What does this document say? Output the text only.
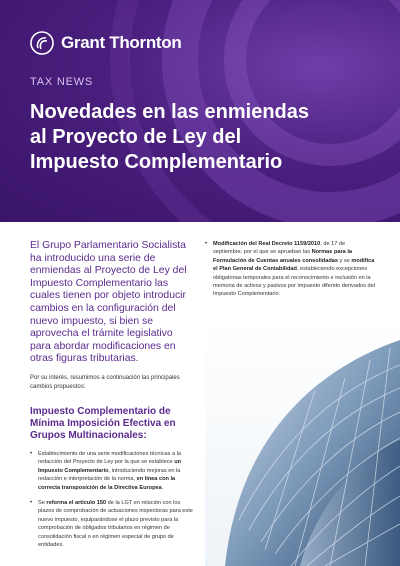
Grant Thornton
TAX NEWS
Novedades en las enmiendas
al Proyecto de Ley del
Impuesto Complementario

El Grupo Parlamentario Socialista ha introducido una serie de enmiendas al Proyecto de Ley del Impuesto Complementario las cuales tienen por objeto introducir cambios en la configuración del nuevo impuesto, si bien se aprovecha el trámite legislativo para abordar modificaciones en otras figuras tributarias.

Por su interés, resumimos a continuación las principales cambios propuestos:

Impuesto Complementario de Mínima Imposición Efectiva en Grupos Multinacionales:
• Establecimiento de una serie modificaciones técnicas a la redacción del Proyecto de Ley por la que se establece un Impuesto Complementario, introduciendo mejoras en la redacción e interpretación de la norma, en línea con la correcta transposición de la Directiva Europea.
• Se reforma el artículo 150 de la LGT en relación con los plazos de comprobación de actuaciones inspectoras para este nuevo impuesto, equiparándose el plazo previsto para la comprobación de obligados tributarios en régimen de consolidación fiscal o en régimen especial de grupo de entidades.
• Modificación del Real Decreto 1159/2010, de 17 de septiembre, por el que se aprueban las Normas para la Formulación de Cuentas anuales consolidadas y se modifica el Plan General de Contabilidad, estableciendo excepciones obligatorias temporales para el reconocimiento e inclusión en la memoria de activos y pasivos por impuesto diferido derivados del Impuesto Complementario.
